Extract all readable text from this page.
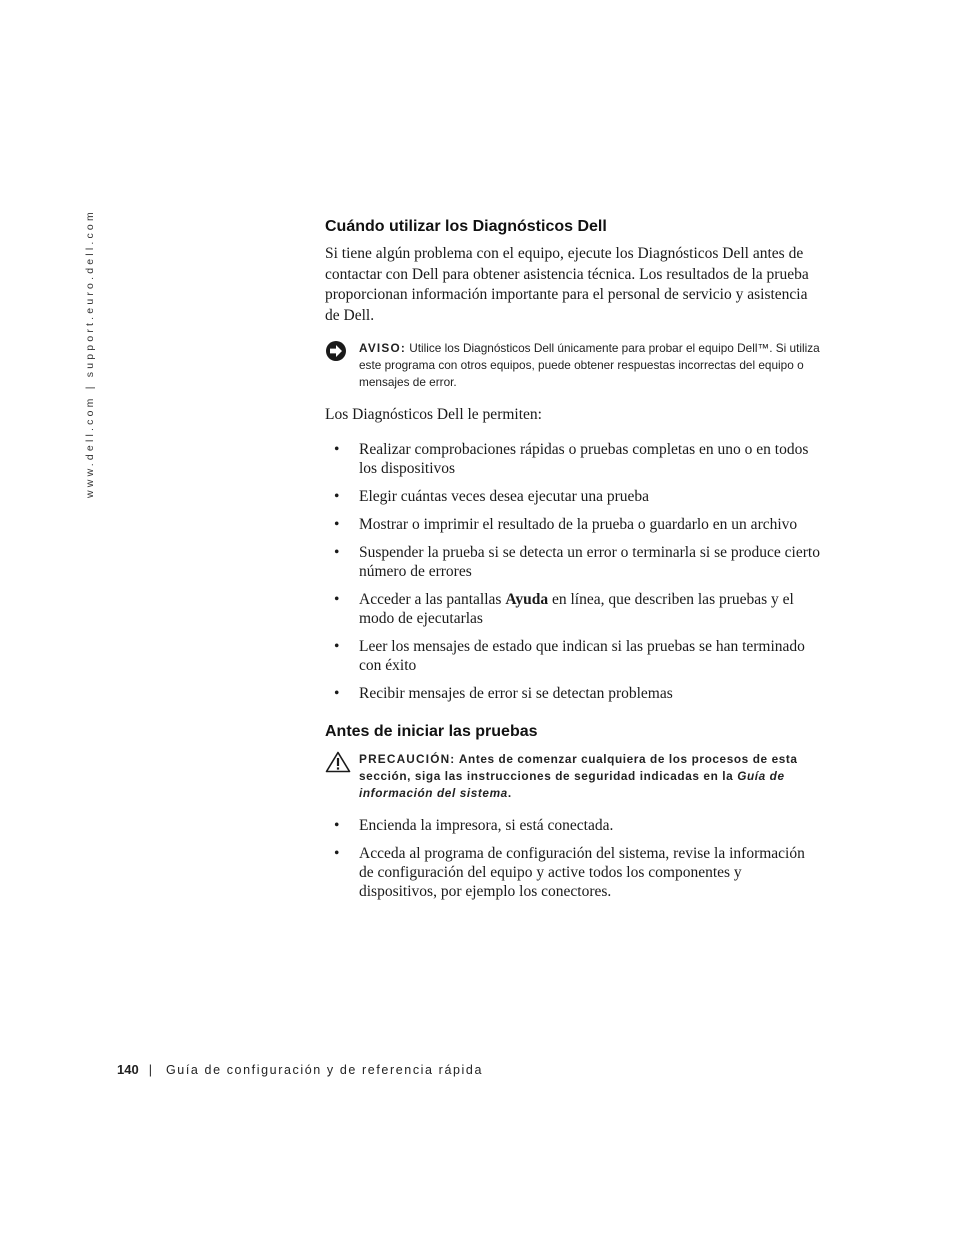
www.dell.com | support.euro.dell.com	Cuándo utilizar los Diagnósticos Dell

Si tiene algún problema con el equipo, ejecute los Diagnósticos Dell antes de contactar con Dell para obtener asistencia técnica. Los resultados de la prueba proporcionan información importante para el personal de servicio y asistencia de Dell.

AVISO: Utilice los Diagnósticos Dell únicamente para probar el equipo Dell™. Si utiliza este programa con otros equipos, puede obtener respuestas incorrectas del equipo o mensajes de error.

Los Diagnósticos Dell le permiten:

• Realizar comprobaciones rápidas o pruebas completas en uno o en todos los dispositivos
• Elegir cuántas veces desea ejecutar una prueba
• Mostrar o imprimir el resultado de la prueba o guardarlo en un archivo
• Suspender la prueba si se detecta un error o terminarla si se produce cierto número de errores
• Acceder a las pantallas Ayuda en línea, que describen las pruebas y el modo de ejecutarlas
• Leer los mensajes de estado que indican si las pruebas se han terminado con éxito
• Recibir mensajes de error si se detectan problemas
Antes de iniciar las pruebas
PRECAUCIÓN: Antes de comenzar cualquiera de los procesos de esta sección, siga las instrucciones de seguridad indicadas en la Guía de información del sistema.
• Encienda la impresora, si está conectada.
• Acceda al programa de configuración del sistema, revise la información de configuración del equipo y active todos los componentes y dispositivos, por ejemplo los conectores.
140 | Guía de configuración y de referencia rápida
